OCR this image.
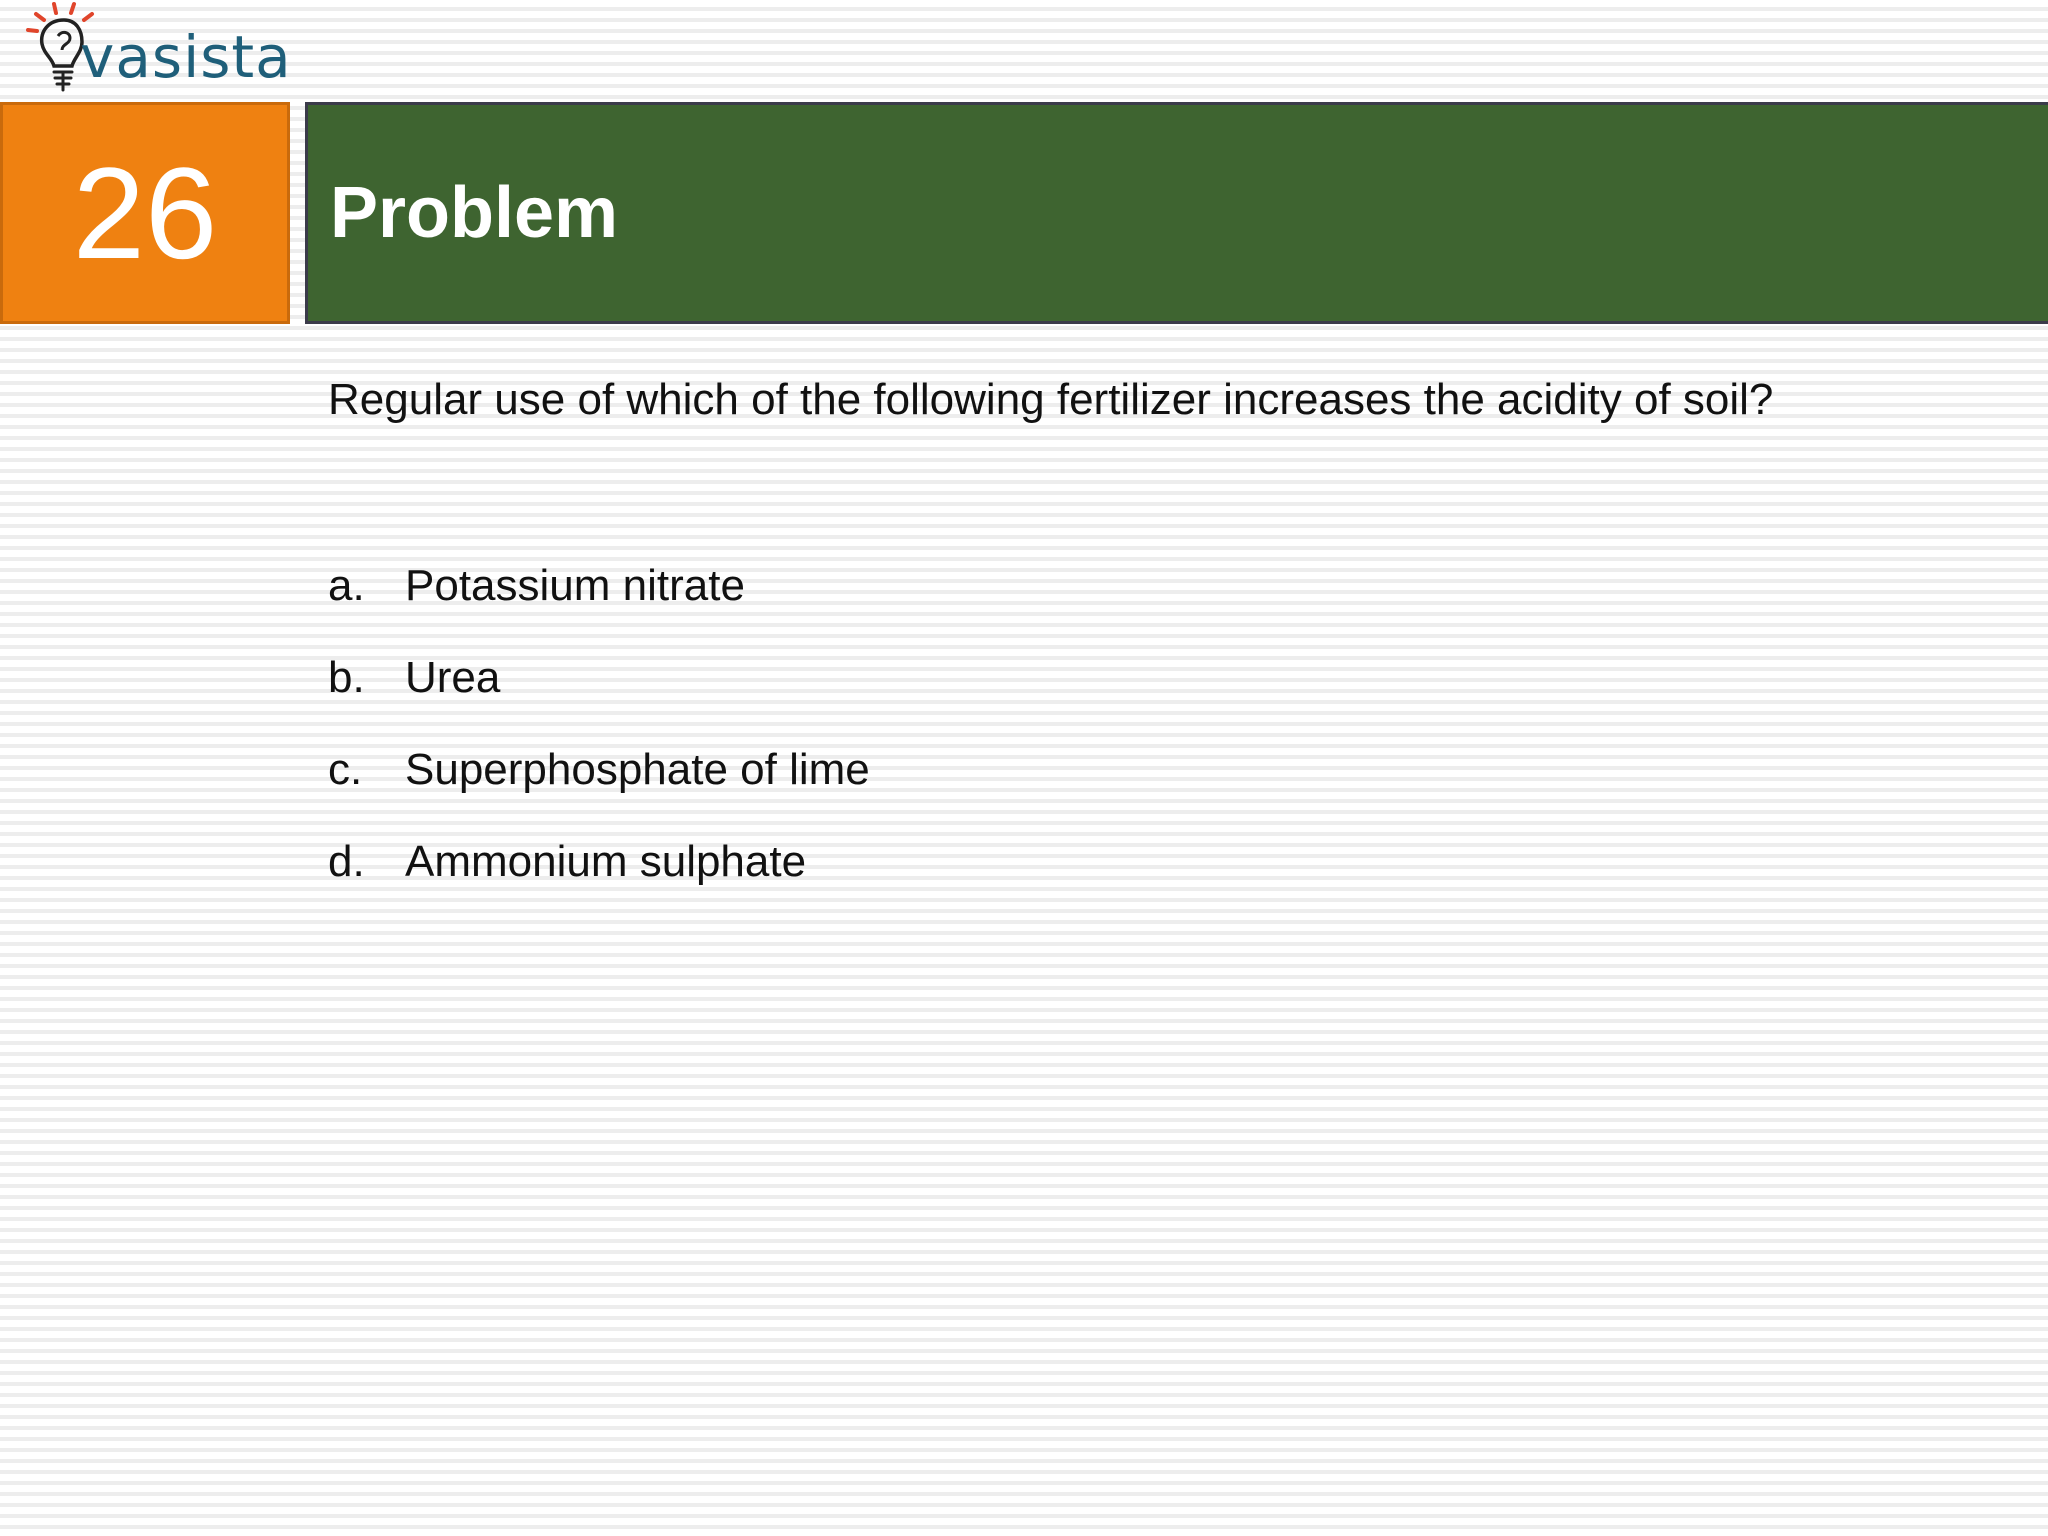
vasista
26	Problem
Regular use of which of the following fertilizer increases the acidity of soil?
a. Potassium nitrate
b. Urea
c. Superphosphate of lime
d. Ammonium sulphate
